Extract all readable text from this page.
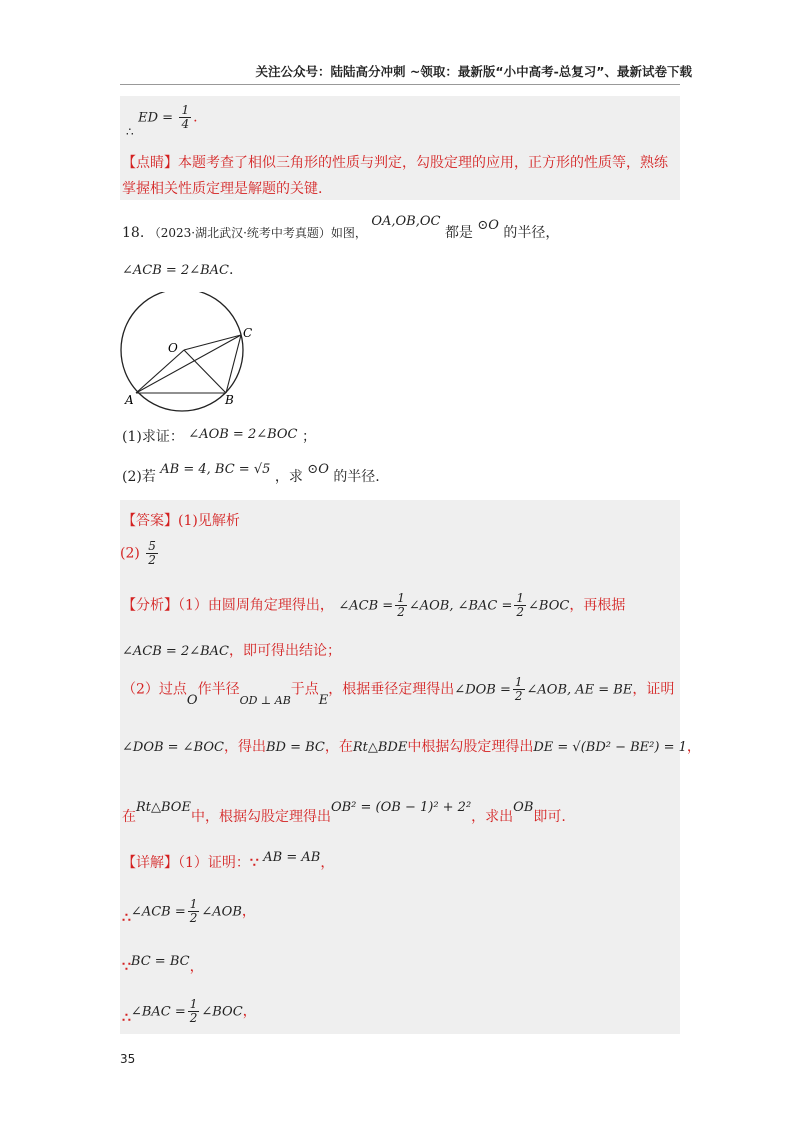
关注公众号：陆陆高分冲刺 ~领取：最新版“小中高考-总复习”、最新试卷下载
∴ ED = $\frac{1}{4}$ .
【点睛】本题考查了相似三角形的性质与判定，勾股定理的应用，正方形的性质等，熟练
掌握相关性质定理是解题的关键.
18. （2023·湖北武汉·统考中考真题）如图， OA,OB,OC 都是 ⊙O 的半径，
∠ACB = 2∠BAC.
O
A	B
C
(1)求证： ∠AOB = 2∠BOC ；
(2)若 AB = 4, BC = √5 ，求 ⊙O 的半径.
【答案】(1)见解析
$(2) \frac{5}{2}$
【分析】（1）由圆周角定理得出， ∠ACB = $\frac{1}{2}$ ∠AOB, ∠BAC = $\frac{1}{2}$ ∠BOC，再根据
∠ACB = 2∠BAC，即可得出结论；
（2）过点O作半径$_{OD \perp AB}$于点E，根据垂径定理得出∠DOB = $\frac{1}{2}$ ∠AOB, AE = BE，证明
∠DOB = ∠BOC，得出BD = BC，在Rt△BDE中根据勾股定理得出DE = √(BD² − BE²) = 1，
在Rt△BOE中，根据勾股定理得出OB² = (OB − 1)² + 2²，求出OB即可.
【详解】（1）证明：∵ AB = AB，
∴∠ACB = $\frac{1}{2}$ ∠AOB，
∵BC = BC，
∴∠BAC = $\frac{1}{2}$ ∠BOC，
35
